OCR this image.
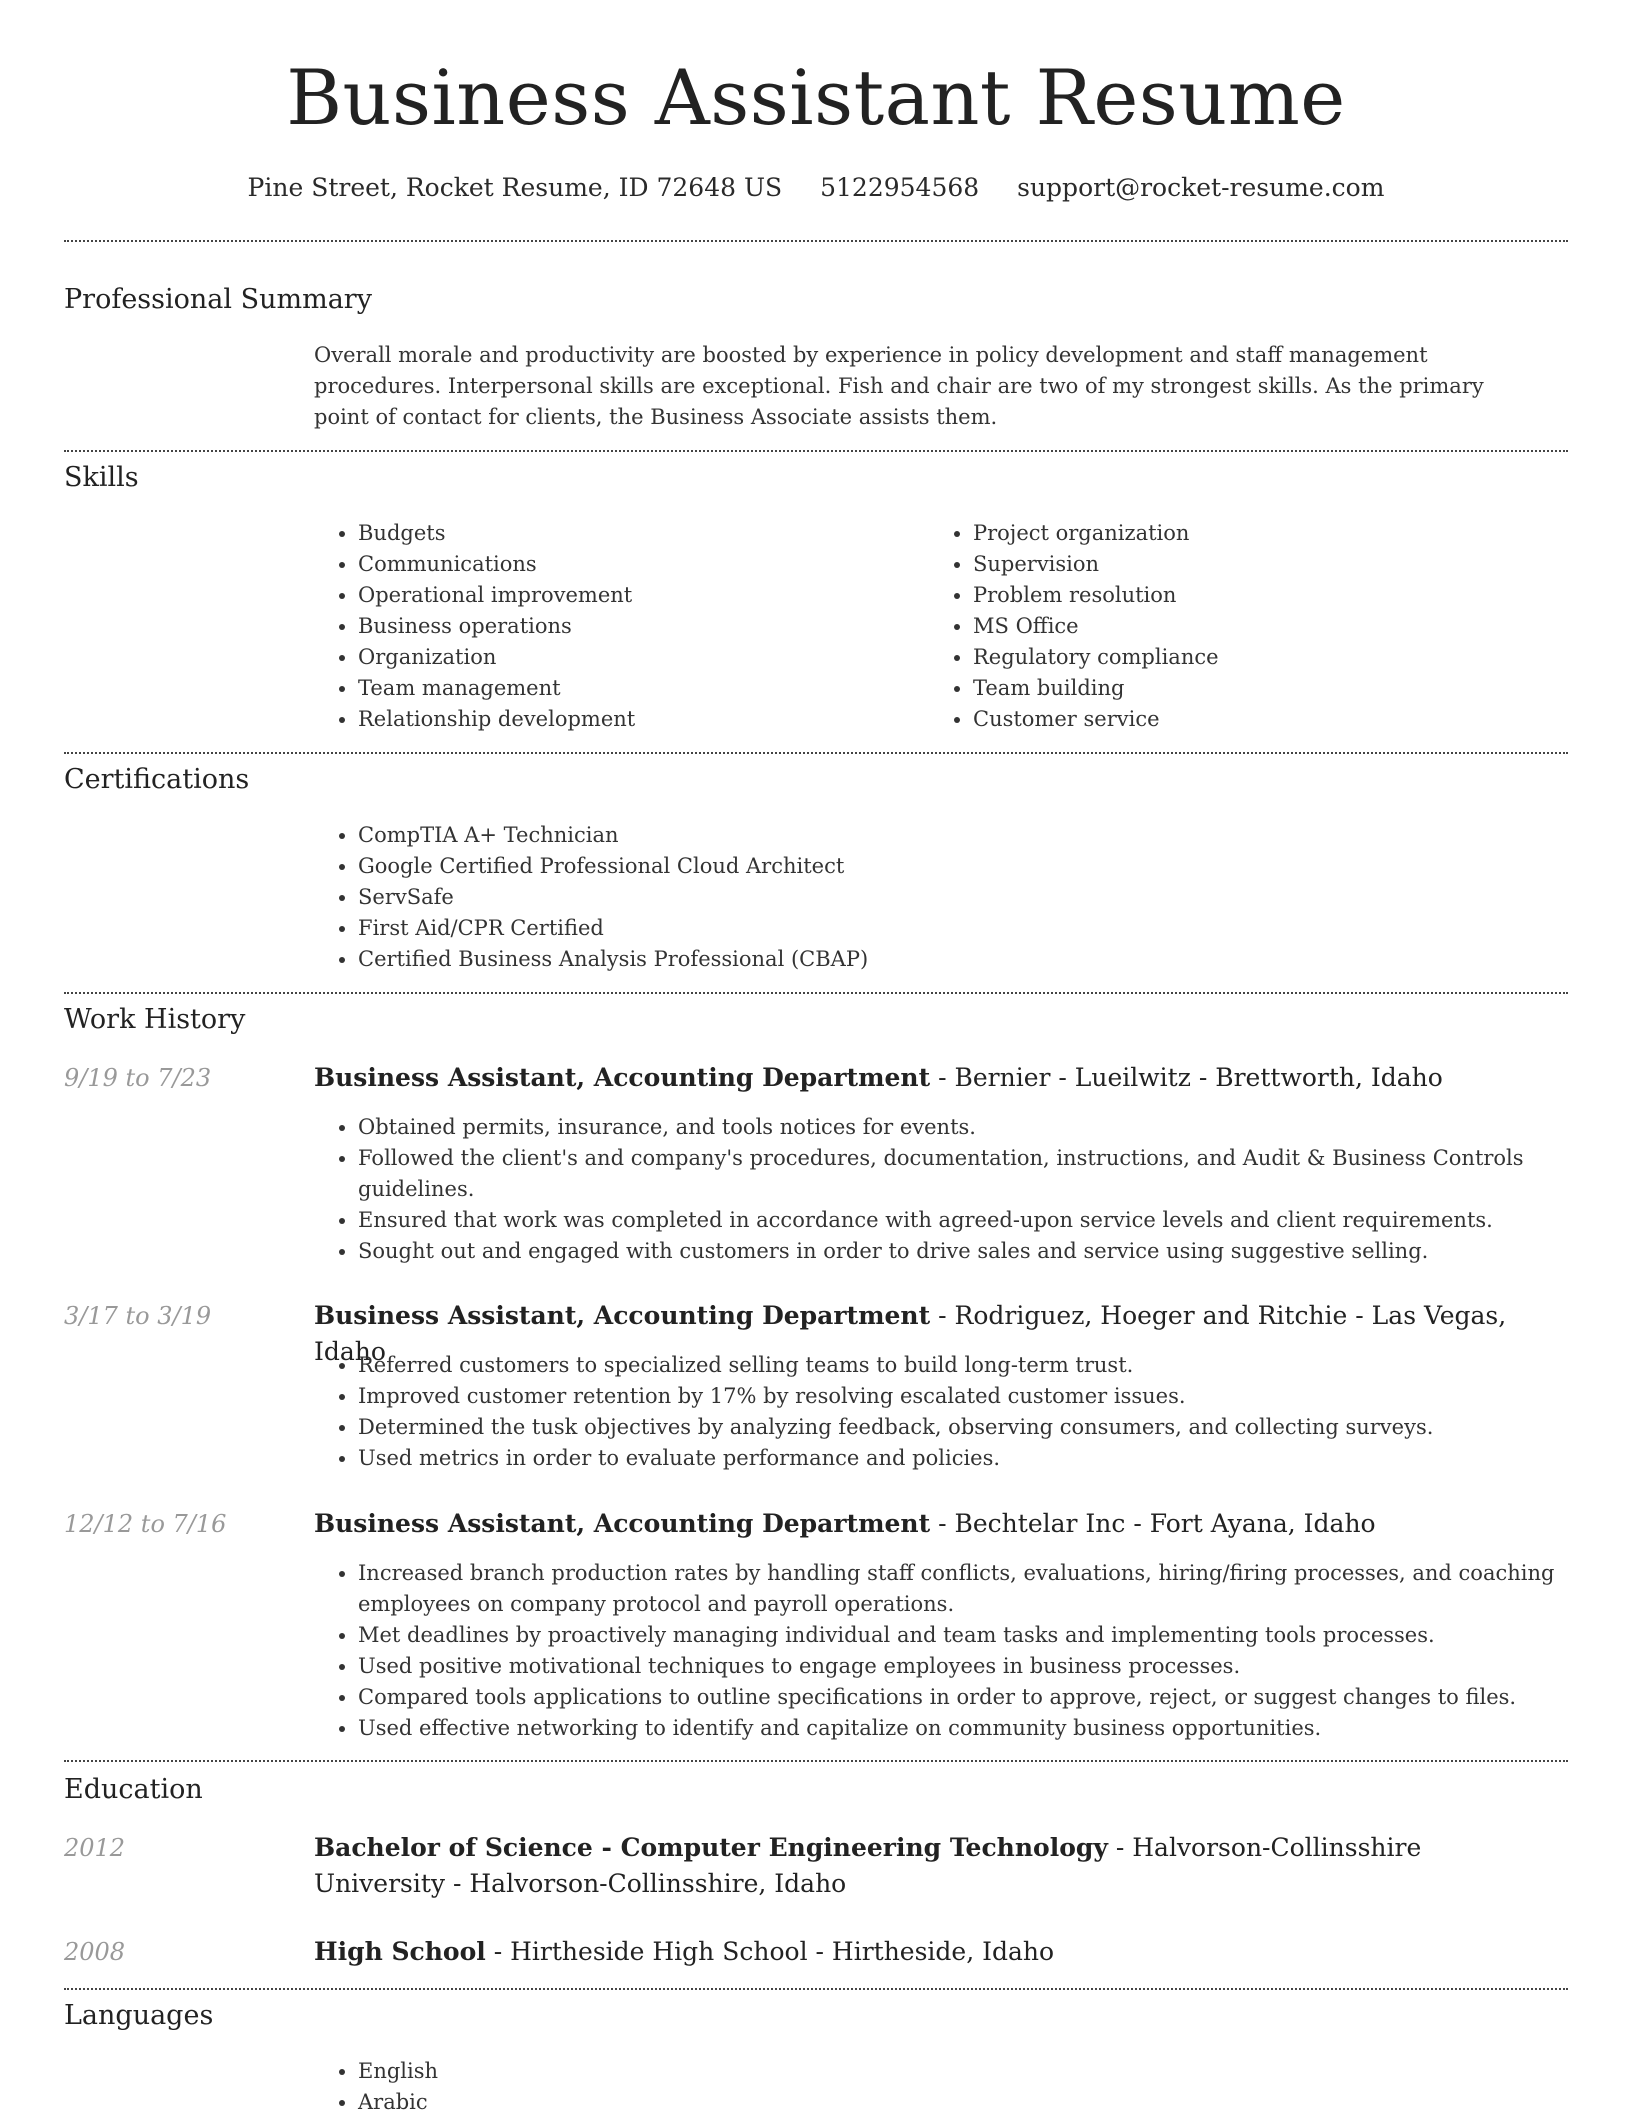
Business Assistant Resume
Pine Street, Rocket Resume, ID 72648 US 5122954568 support@rocket-resume.com
Professional Summary
Overall morale and productivity are boosted by experience in policy development and staff management procedures. Interpersonal skills are exceptional. Fish and chair are two of my strongest skills. As the primary point of contact for clients, the Business Associate assists them.
Skills
• Budgets
• Communications
• Operational improvement
• Business operations
• Organization
• Team management
• Relationship development
• Project organization
• Supervision
• Problem resolution
• MS Office
• Regulatory compliance
• Team building
• Customer service
Certifications
• CompTIA A+ Technician
• Google Certified Professional Cloud Architect
• ServSafe
• First Aid/CPR Certified
• Certified Business Analysis Professional (CBAP)
Work History
9/19 to 7/23	Business Assistant, Accounting Department - Bernier - Lueilwitz - Brettworth, Idaho
• Obtained permits, insurance, and tools notices for events.
• Followed the client's and company's procedures, documentation, instructions, and Audit & Business Controls guidelines.
• Ensured that work was completed in accordance with agreed-upon service levels and client requirements.
• Sought out and engaged with customers in order to drive sales and service using suggestive selling.
3/17 to 3/19	Business Assistant, Accounting Department - Rodriguez, Hoeger and Ritchie - Las Vegas, Idaho
• Referred customers to specialized selling teams to build long-term trust.
• Improved customer retention by 17% by resolving escalated customer issues.
• Determined the tusk objectives by analyzing feedback, observing consumers, and collecting surveys.
• Used metrics in order to evaluate performance and policies.
12/12 to 7/16	Business Assistant, Accounting Department - Bechtelar Inc - Fort Ayana, Idaho
• Increased branch production rates by handling staff conflicts, evaluations, hiring/firing processes, and coaching employees on company protocol and payroll operations.
• Met deadlines by proactively managing individual and team tasks and implementing tools processes.
• Used positive motivational techniques to engage employees in business processes.
• Compared tools applications to outline specifications in order to approve, reject, or suggest changes to files.
• Used effective networking to identify and capitalize on community business opportunities.
Education
2012	Bachelor of Science - Computer Engineering Technology - Halvorson-Collinsshire University - Halvorson-Collinsshire, Idaho
2008	High School - Hirtheside High School - Hirtheside, Idaho
Languages
• English
• Arabic
